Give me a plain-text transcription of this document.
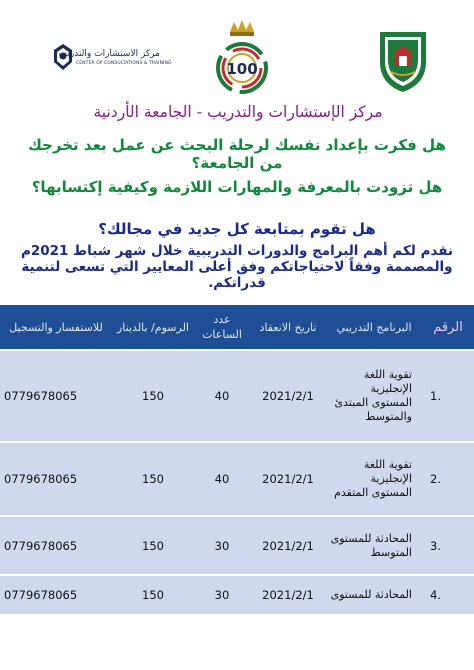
مركز الاستشارات والتدريب
CENTER OF CONSULTATIONS & TRAINING	100
مركز الإستشارات والتدريب - الجامعة الأردنية
هل فكرت بإعداد نفسك لرحلة البحث عن عمل بعد تخرجك من الجامعة؟
هل تزودت بالمعرفة والمهارات اللازمة وكيفية إكتسابها؟
هل تقوم بمتابعة كل جديد في مجالك؟
نقدم لكم أهم البرامج والدورات التدريبية خلال شهر شباط 2021م والمصممة وفقاً لاحتياجاتكم وفق أعلى المعايير التي تسعى لتنمية قدراتكم.
الرقم	البرنامج التدريبي	تاريخ الانعقاد	عدد الساعات	الرسوم/ بالدينار	للاستفسار والتسجيل
.1	تقوية اللغة الإنجليزية المستوى المبتدئ والمتوسط	2021/2/1	40	150	0779678065
.2	تقوية اللغة الإنجليزية المستوى المتقدم	2021/2/1	40	150	0779678065
.3	المحادثة للمستوى المتوسط	2021/2/1	30	150	0779678065
.4	المحادثة للمستوى	2021/2/1	30	150	0779678065
